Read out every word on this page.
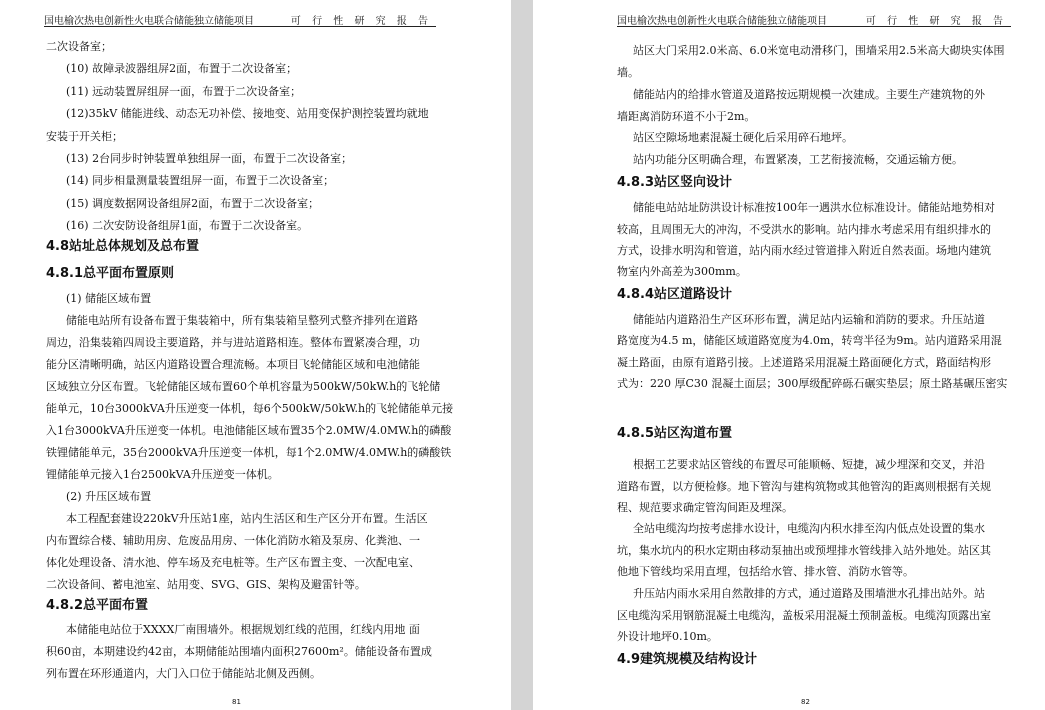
国电榆次热电创新性火电联合储能独立储能项目	可 行 性 研 究 报 告
二次设备室；
(10) 故障录波器组屏2面，布置于二次设备室；
(11) 远动装置屏组屏一面，布置于二次设备室；
(12)35kV 储能进线、动态无功补偿、接地变、站用变保护测控装置均就地
安装于开关柜；
(13) 2台同步时钟装置单独组屏一面，布置于二次设备室；
(14) 同步相量测量装置组屏一面，布置于二次设备室；
(15) 调度数据网设备组屏2面，布置于二次设备室；
(16) 二次安防设备组屏1面，布置于二次设备室。
4.8站址总体规划及总布置
4.8.1总平面布置原则
(1) 储能区域布置
储能电站所有设备布置于集装箱中，所有集装箱呈整列式整齐排列在道路
周边，沿集装箱四周设主要道路，并与进站道路相连。整体布置紧凑合理，功
能分区清晰明确，站区内道路设置合理流畅。本项目飞轮储能区域和电池储能
区域独立分区布置。飞轮储能区域布置60个单机容量为500kW/50kW.h的飞轮储
能单元，10台3000kVA升压逆变一体机，每6个500kW/50kW.h的飞轮储能单元接
入1台3000kVA升压逆变一体机。电池储能区域布置35个2.0MW/4.0MW.h的磷酸
铁锂储能单元，35台2000kVA升压逆变一体机，每1个2.0MW/4.0MW.h的磷酸铁
锂储能单元接入1台2500kVA升压逆变一体机。
(2) 升压区域布置
本工程配套建设220kV升压站1座，站内生活区和生产区分开布置。生活区
内布置综合楼、辅助用房、危废品用房、一体化消防水箱及泵房、化粪池、一
体化处理设备、清水池、停车场及充电桩等。生产区布置主变、一次配电室、
二次设备间、蓄电池室、站用变、SVG、GIS、架构及避雷针等。
4.8.2总平面布置
本储能电站位于XXXX厂南围墙外。根据规划红线的范围，红线内用地 面
积60亩，本期建设约42亩，本期储能站围墙内面积27600m²。储能设备布置成
列布置在环形通道内，大门入口位于储能站北侧及西侧。
81
国电榆次热电创新性火电联合储能独立储能项目	可 行 性 研 究 报 告
站区大门采用2.0米高、6.0米宽电动滑移门，围墙采用2.5米高大砌块实体围
墙。
储能站内的给排水管道及道路按远期规模一次建成。主要生产建筑物的外
墙距离消防环道不小于2m。
站区空隙场地素混凝土硬化后采用碎石地坪。
站内功能分区明确合理，布置紧凑，工艺衔接流畅，交通运输方便。
4.8.3站区竖向设计
储能电站站址防洪设计标准按100年一遇洪水位标准设计。储能站地势相对
较高，且周围无大的冲沟，不受洪水的影响。站内排水考虑采用有组织排水的
方式，设排水明沟和管道，站内雨水经过管道排入附近自然表面。场地内建筑
物室内外高差为300mm。
4.8.4站区道路设计
储能站内道路沿生产区环形布置，满足站内运输和消防的要求。升压站道
路宽度为4.5 m，储能区域道路宽度为4.0m，转弯半径为9m。站内道路采用混
凝土路面，由原有道路引接。上述道路采用混凝土路面硬化方式，路面结构形
式为：220 厚C30 混凝土面层；300厚级配碎砾石碾实垫层；原土路基碾压密实
4.8.5站区沟道布置
根据工艺要求站区管线的布置尽可能顺畅、短捷，减少埋深和交叉，并沿
道路布置，以方便检修。地下管沟与建构筑物或其他管沟的距离则根据有关规
程、规范要求确定管沟间距及埋深。
全站电缆沟均按考虑排水设计，电缆沟内积水排至沟内低点处设置的集水
坑，集水坑内的积水定期由移动泵抽出或预埋排水管线排入站外地处。站区其
他地下管线均采用直埋，包括给水管、排水管、消防水管等。
升压站内雨水采用自然散排的方式，通过道路及围墙泄水孔排出站外。站
区电缆沟采用钢筋混凝土电缆沟，盖板采用混凝土预制盖板。电缆沟顶露出室
外设计地坪0.10m。
4.9建筑规模及结构设计
82
